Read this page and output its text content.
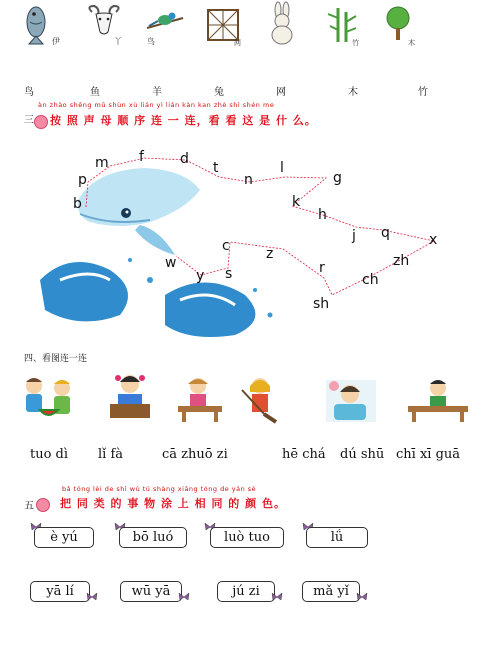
伊	丫	鸟	网	竹	木
鸟	鱼	羊	兔	网	木	竹
àn zhào shēng mǔ shùn xù lián yì lián kàn kan zhè shì shén me
三 按 照 声 母 顺 序 连 一 连，看 看 这 是 什 么。
b
p
m f	d
t
n
l
g
k
h
j q	x
zh
ch
sh
r
z
c
s
y
w
四、看图连一连
tuo dì lǐ fà	cā zhuō zi	hē chá dú shū chī xī guā
bǎ tóng lèi de shì wù tú shàng xiāng tóng de yán sè
五 把 同 类 的 事 物 涂 上 相 同 的 颜 色。
è yú	bō luó	luò tuo	lǘ
yā lí	wū yā	jú zi	mǎ yǐ
